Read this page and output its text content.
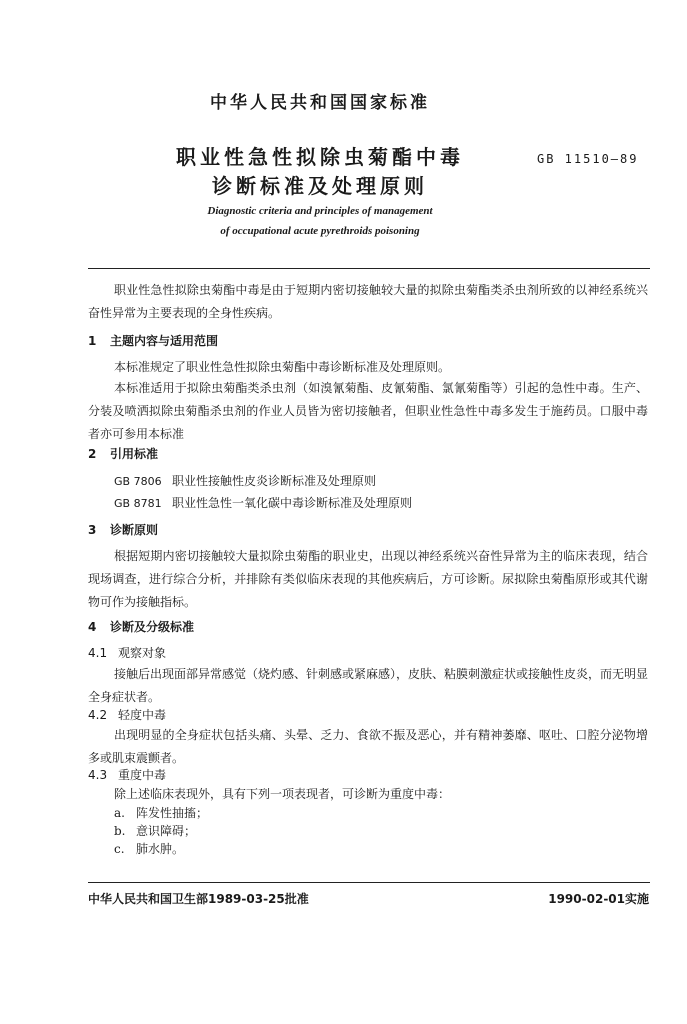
中华人民共和国国家标准
职业性急性拟除虫菊酯中毒
诊断标准及处理原则
GB 11510—89
Diagnostic criteria and principles of management
of occupational acute pyrethroids poisoning
职业性急性拟除虫菊酯中毒是由于短期内密切接触较大量的拟除虫菊酯类杀虫剂所致的以神经系统兴奋性异常为主要表现的全身性疾病。
1 主题内容与适用范围
本标准规定了职业性急性拟除虫菊酯中毒诊断标准及处理原则。
本标准适用于拟除虫菊酯类杀虫剂（如溴氰菊酯、皮氰菊酯、氯氰菊酯等）引起的急性中毒。生产、分装及喷洒拟除虫菊酯杀虫剂的作业人员皆为密切接触者，但职业性急性中毒多发生于施药员。口服中毒者亦可参用本标准
2 引用标准
GB 7806 职业性接触性皮炎诊断标准及处理原则
GB 8781 职业性急性一氧化碳中毒诊断标准及处理原则
3 诊断原则
根据短期内密切接触较大量拟除虫菊酯的职业史，出现以神经系统兴奋性异常为主的临床表现，结合现场调查，进行综合分析，并排除有类似临床表现的其他疾病后，方可诊断。尿拟除虫菊酯原形或其代谢物可作为接触指标。
4 诊断及分级标准
4.1 观察对象
接触后出现面部异常感觉（烧灼感、针刺感或紧麻感），皮肤、粘膜刺激症状或接触性皮炎，而无明显全身症状者。
4.2 轻度中毒
出现明显的全身症状包括头痛、头晕、乏力、食欲不振及恶心，并有精神萎靡、呕吐、口腔分泌物增多或肌束震颤者。
4.3 重度中毒
除上述临床表现外，具有下列一项表现者，可诊断为重度中毒：
a. 阵发性抽搐；
b. 意识障碍；
c. 肺水肿。
中华人民共和国卫生部1989-03-25批准	1990-02-01实施
